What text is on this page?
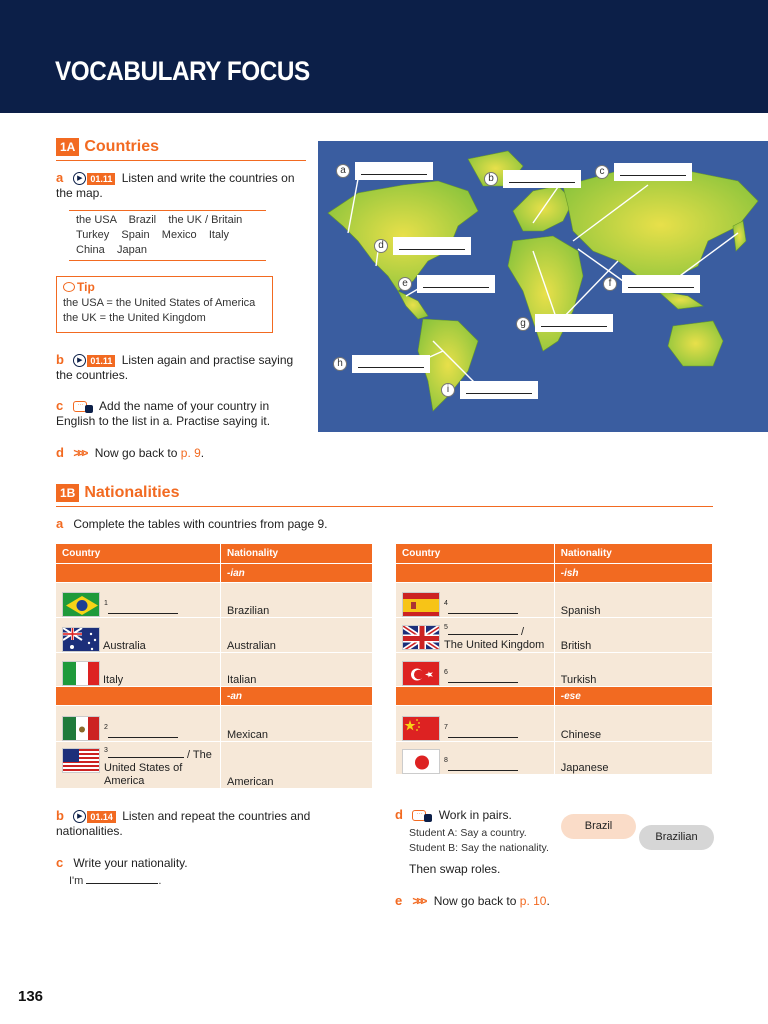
VOCABULARY FOCUS
1A Countries
a	▶ 01.11 Listen and write the countries on the map.
the USA    Brazil    the UK / Britain
Turkey    Spain    Mexico    Italy
China    Japan
Tip
the USA = the United States of America
the UK = the United Kingdom
b	▶ 01.11 Listen again and practise saying the countries.
c	···	Add the name of your country in English to the list in a. Practise saying it.
d >>> Now go back to p. 9.
a
b
c
d
e	f
g
h
i
1B Nationalities
a Complete the tables with countries from page 9.
Country	Nationality
	-ian

$^1$	Brazilian

Australia	Australian

Italy	Italian
	-an

$^2$	Mexican

$^3$ / The United States of America	American
Country	Nationality
	-ish

$^4$	Spanish

$^5$ /
The United Kingdom	British

$^6$	Turkish
	-ese

$^7$	Chinese

$^8$	Japanese
b	▶ 01.14 Listen and repeat the countries and nationalities.
c Write your nationality.
I'm	.
d	···	Work in pairs.
Student A: Say a country.
Student B: Say the nationality.
Then swap roles.
Brazil
Brazilian
e >>> Now go back to p. 10.
136
